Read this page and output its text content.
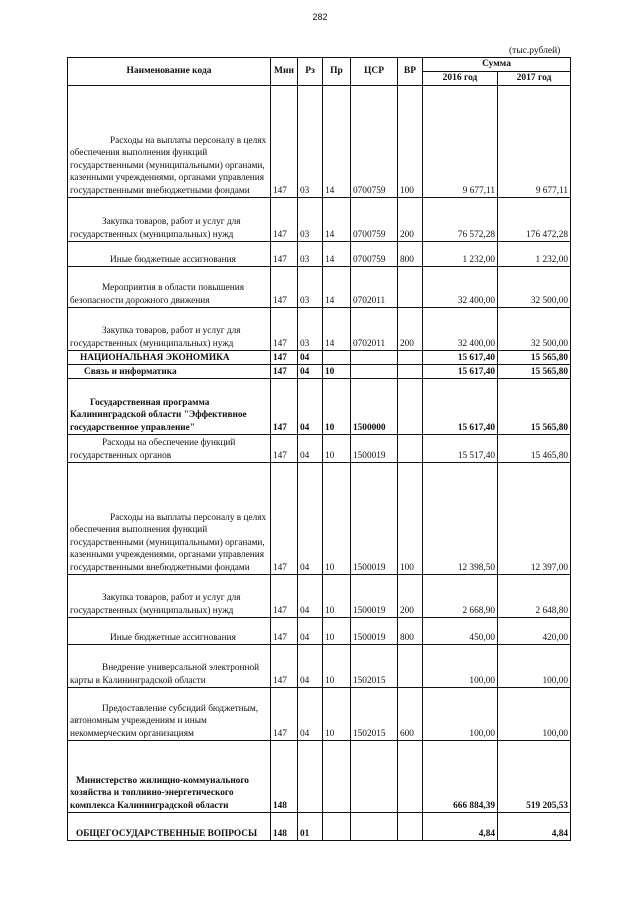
282
(тыс.рублей)
Наименование кода	Мин	Рз	Пр	ЦСР	ВР	Сумма	
						2016 год	2017 год

Расходы на выплаты персоналу в целях обеспечения выполнения функций государственными (муниципальными) органами, казенными учреждениями, органами управления государственными внебюджетными фондами	147	03	14	0700759	100	9 677,11	9 677,11

Закупка товаров, работ и услуг для государственных (муниципальных) нужд	147	03	14	0700759	200	76 572,28	176 472,28

Иные бюджетные ассигнования	147	03	14	0700759	800	1 232,00	1 232,00

Мероприятия в области повышения безопасности дорожного движения	147	03	14	0702011		32 400,00	32 500,00

Закупка товаров, работ и услуг для государственных (муниципальных) нужд	147	03	14	0702011	200	32 400,00	32 500,00

НАЦИОНАЛЬНАЯ ЭКОНОМИКА	147	04				15 617,40	15 565,80

Связь и информатика	147	04	10			15 617,40	15 565,80

Государственная программа Калининградской области "Эффективное государственное управление"	147	04	10	1500000		15 617,40	15 565,80

Расходы на обеспечение функций государственных органов	147	04	10	1500019		15 517,40	15 465,80

Расходы на выплаты персоналу в целях обеспечения выполнения функций государственными (муниципальными) органами, казенными учреждениями, органами управления государственными внебюджетными фондами	147	04	10	1500019	100	12 398,50	12 397,00

Закупка товаров, работ и услуг для государственных (муниципальных) нужд	147	04	10	1500019	200	2 668,90	2 648,80

Иные бюджетные ассигнования	147	04	10	1500019	800	450,00	420,00

Внедрение универсальной электронной карты в Калининградской области	147	04	10	1502015		100,00	100,00

Предоставление субсидий бюджетным, автономным учреждениям и иным некоммерческим организациям	147	04	10	1502015	600	100,00	100,00

Министерство жилищно-коммунального хозяйства и топливно-энергетического комплекса Калининградской области	148					666 884,39	519 205,53

ОБЩЕГОСУДАРСТВЕННЫЕ ВОПРОСЫ	148	01				4,84	4,84
